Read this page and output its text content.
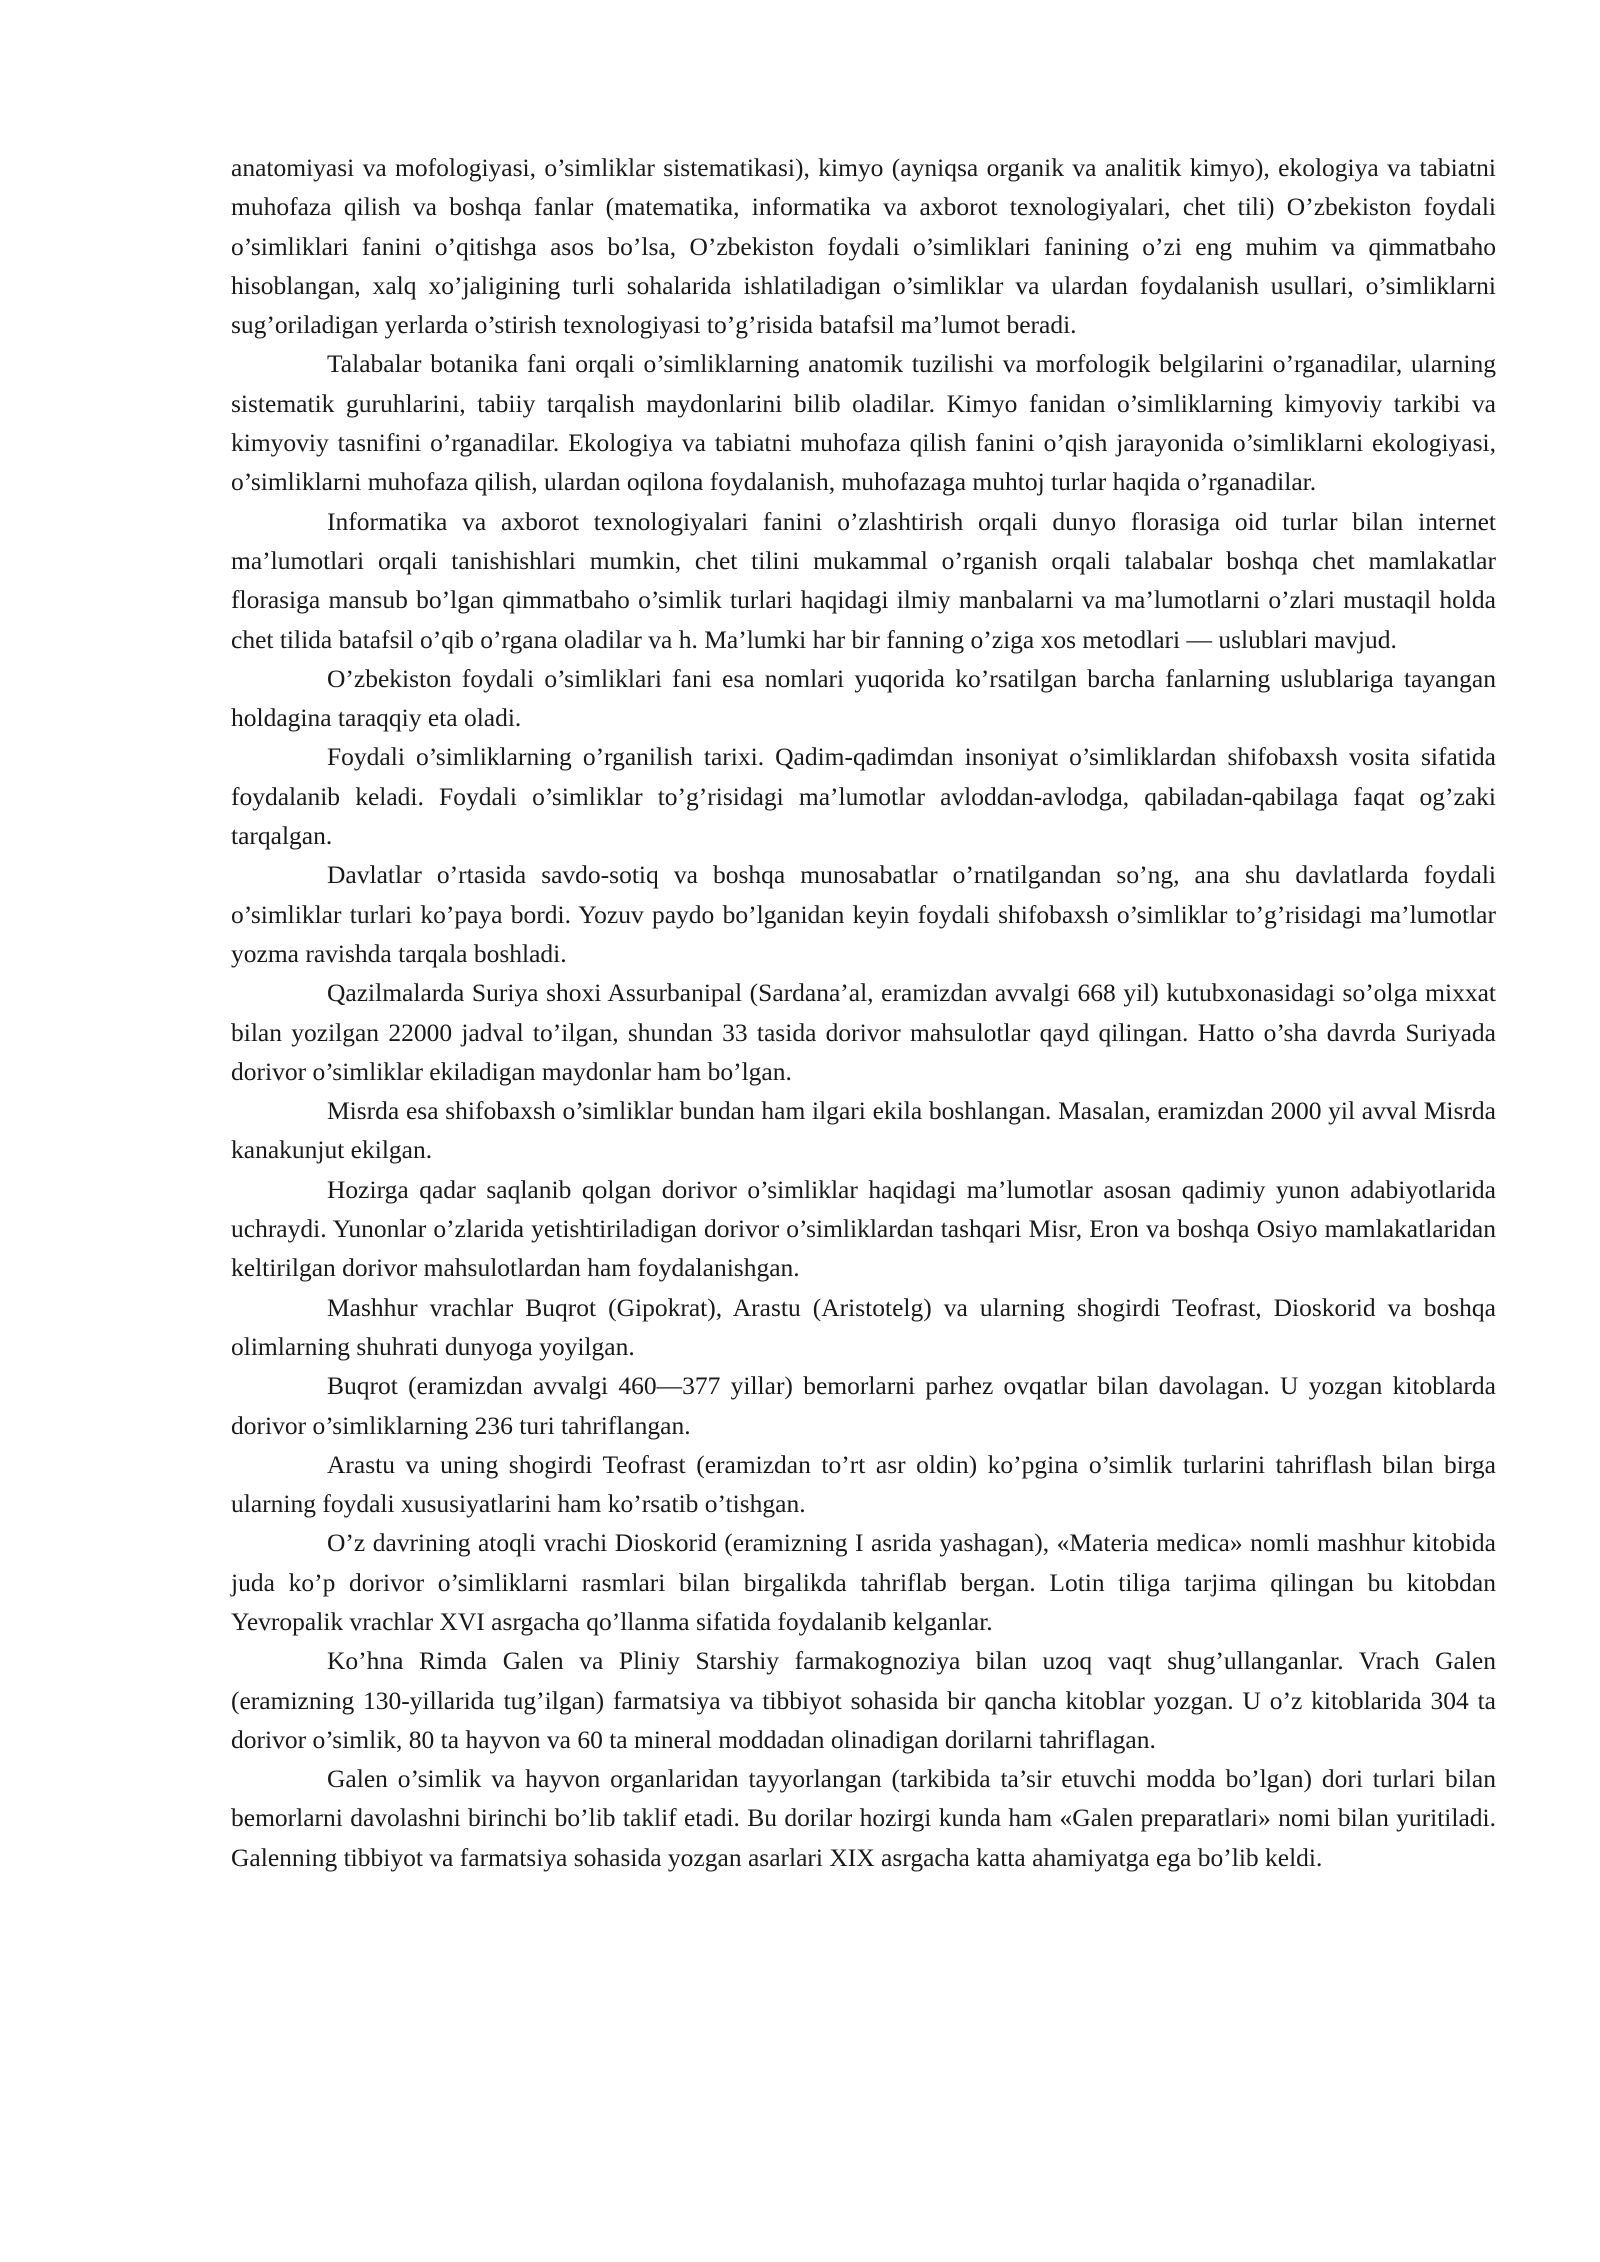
anatomiyasi va mofologiyasi, o’simliklar sistematikasi), kimyo (ayniqsa organik va analitik kimyo), ekologiya va tabiatni muhofaza qilish va boshqa fanlar (matematika, informatika va axborot texnologiyalari, chet tili) O’zbekiston foydali o’simliklari fanini o’qitishga asos bo’lsa, O’zbekiston foydali o’simliklari fanining o’zi eng muhim va qimmatbaho hisoblangan, xalq xo’jaligining turli sohalarida ishlatiladigan o’simliklar va ulardan foydalanish usullari, o’simliklarni sug’oriladigan yerlarda o’stirish texnologiyasi to’g’risida batafsil ma’lumot beradi.

Talabalar botanika fani orqali o’simliklarning anatomik tuzilishi va morfologik belgilarini o’rganadilar, ularning sistematik guruhlarini, tabiiy tarqalish maydonlarini bilib oladilar. Kimyo fanidan o’simliklarning kimyoviy tarkibi va kimyoviy tasnifini o’rganadilar. Ekologiya va tabiatni muhofaza qilish fanini o’qish jarayonida o’simliklarni ekologiyasi, o’simliklarni muhofaza qilish, ulardan oqilona foydalanish, muhofazaga muhtoj turlar haqida o’rganadilar.

Informatika va axborot texnologiyalari fanini o’zlashtirish orqali dunyo florasiga oid turlar bilan internet ma’lumotlari orqali tanishishlari mumkin, chet tilini mukammal o’rganish orqali talabalar boshqa chet mamlakatlar florasiga mansub bo’lgan qimmatbaho o’simlik turlari haqidagi ilmiy manbalarni va ma’lumotlarni o’zlari mustaqil holda chet tilida batafsil o’qib o’rgana oladilar va h. Ma’lumki har bir fanning o’ziga xos metodlari — uslublari mavjud.

O’zbekiston foydali o’simliklari fani esa nomlari yuqorida ko’rsatilgan barcha fanlarning uslublariga tayangan holdagina taraqqiy eta oladi.

Foydali o’simliklarning o’rganilish tarixi. Qadim-qadimdan insoniyat o’simliklardan shifobaxsh vosita sifatida foydalanib keladi. Foydali o’simliklar to’g’risidagi ma’lumotlar avloddan-avlodga, qabiladan-qabilaga faqat og’zaki tarqalgan.

Davlatlar o’rtasida savdo-sotiq va boshqa munosabatlar o’rnatilgandan so’ng, ana shu davlatlarda foydali o’simliklar turlari ko’paya bordi. Yozuv paydo bo’lganidan keyin foydali shifobaxsh o’simliklar to’g’risidagi ma’lumotlar yozma ravishda tarqala boshladi.

Qazilmalarda Suriya shoxi Assurbanipal (Sardana’al, eramizdan avvalgi 668 yil) kutubxonasidagi so’olga mixxat bilan yozilgan 22000 jadval to’ilgan, shundan 33 tasida dorivor mahsulotlar qayd qilingan. Hatto o’sha davrda Suriyada dorivor o’simliklar ekiladigan maydonlar ham bo’lgan.

Misrda esa shifobaxsh o’simliklar bundan ham ilgari ekila boshlangan. Masalan, eramizdan 2000 yil avval Misrda kanakunjut ekilgan.

Hozirga qadar saqlanib qolgan dorivor o’simliklar haqidagi ma’lumotlar asosan qadimiy yunon adabiyotlarida uchraydi. Yunonlar o’zlarida yetishtiriladigan dorivor o’simliklardan tashqari Misr, Eron va boshqa Osiyo mamlakatlaridan keltirilgan dorivor mahsulotlardan ham foydalanishgan.

Mashhur vrachlar Buqrot (Gipokrat), Arastu (Aristotelg) va ularning shogirdi Teofrast, Dioskorid va boshqa olimlarning shuhrati dunyoga yoyilgan.

Buqrot (eramizdan avvalgi 460—377 yillar) bemorlarni parhez ovqatlar bilan davolagan. U yozgan kitoblarda dorivor o’simliklarning 236 turi tahriflangan.

Arastu va uning shogirdi Teofrast (eramizdan to’rt asr oldin) ko’pgina o’simlik turlarini tahriflash bilan birga ularning foydali xususiyatlarini ham ko’rsatib o’tishgan.

O’z davrining atoqli vrachi Dioskorid (eramizning I asrida yashagan), «Materia medica» nomli mashhur kitobida juda ko’p dorivor o’simliklarni rasmlari bilan birgalikda tahriflab bergan. Lotin tiliga tarjima qilingan bu kitobdan Yevropalik vrachlar XVI asrgacha qo’llanma sifatida foydalanib kelganlar.

Ko’hna Rimda Galen va Pliniy Starshiy farmakognoziya bilan uzoq vaqt shug’ullanganlar. Vrach Galen (eramizning 130-yillarida tug’ilgan) farmatsiya va tibbiyot sohasida bir qancha kitoblar yozgan. U o’z kitoblarida 304 ta dorivor o’simlik, 80 ta hayvon va 60 ta mineral moddadan olinadigan dorilarni tahriflagan.

Galen o’simlik va hayvon organlaridan tayyorlangan (tarkibida ta’sir etuvchi modda bo’lgan) dori turlari bilan bemorlarni davolashni birinchi bo’lib taklif etadi. Bu dorilar hozirgi kunda ham «Galen preparatlari» nomi bilan yuritiladi. Galenning tibbiyot va farmatsiya sohasida yozgan asarlari XIX asrgacha katta ahamiyatga ega bo’lib keldi.
